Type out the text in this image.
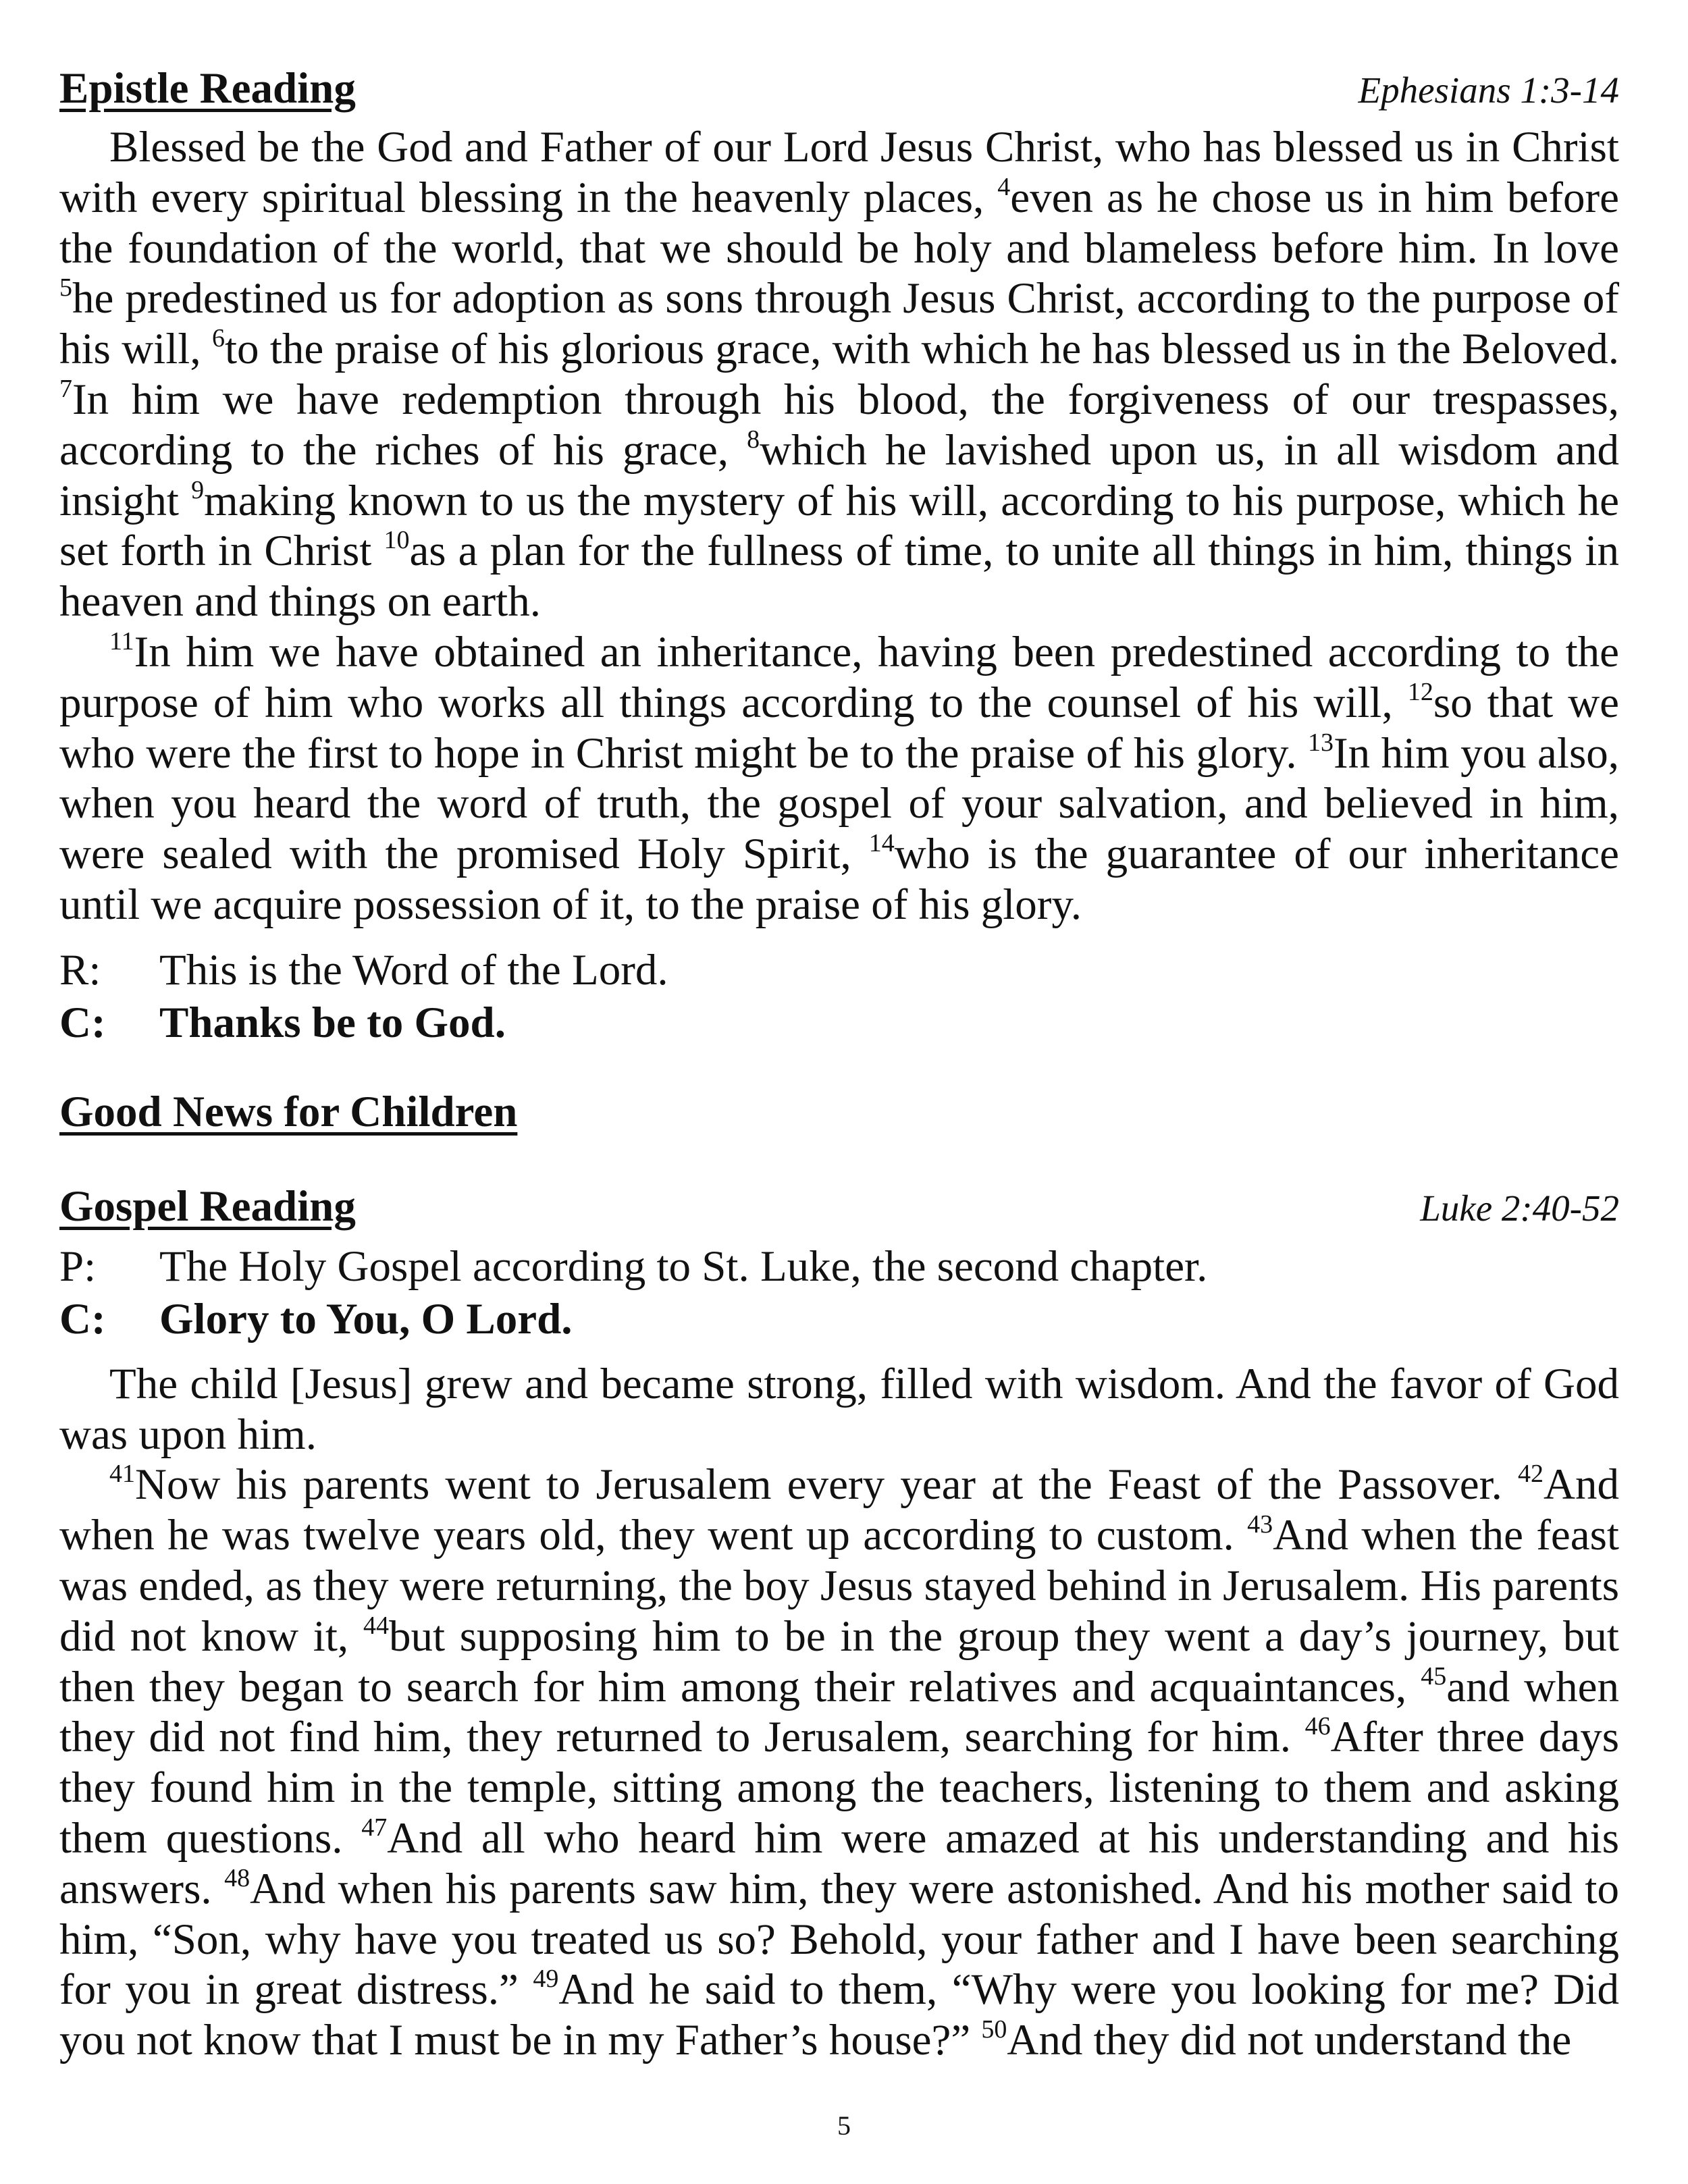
Epistle Reading	Ephesians 1:3-14

Blessed be the God and Father of our Lord Jesus Christ, who has blessed us in Christ with every spiritual blessing in the heavenly places, $^4$even as he chose us in him before the foundation of the world, that we should be holy and blameless before him. In love $^5$he predestined us for adoption as sons through Jesus Christ, according to the purpose of his will, $^6$to the praise of his glorious grace, with which he has blessed us in the Beloved. $^7$In him we have redemption through his blood, the forgiveness of our trespasses, according to the riches of his grace, $^8$which he lavished upon us, in all wisdom and insight $^9$making known to us the mystery of his will, according to his purpose, which he set forth in Christ $^{10}$as a plan for the fullness of time, to unite all things in him, things in heaven and things on earth.

$^{11}$In him we have obtained an inheritance, having been predestined according to the purpose of him who works all things according to the counsel of his will, $^{12}$so that we who were the first to hope in Christ might be to the praise of his glory. $^{13}$In him you also, when you heard the word of truth, the gospel of your salvation, and believed in him, were sealed with the promised Holy Spirit, $^{14}$who is the guarantee of our inheritance until we acquire possession of it, to the praise of his glory.

R:	This is the Word of the Lord.
C:	Thanks be to God.
Good News for Children
Gospel Reading	Luke 2:40-52
P:	The Holy Gospel according to St. Luke, the second chapter.
C:	Glory to You, O Lord.

The child [Jesus] grew and became strong, filled with wisdom. And the favor of God was upon him.

$^{41}$Now his parents went to Jerusalem every year at the Feast of the Passover. $^{42}$And when he was twelve years old, they went up according to custom. $^{43}$And when the feast was ended, as they were returning, the boy Jesus stayed behind in Jerusalem. His parents did not know it, $^{44}$but supposing him to be in the group they went a day’s journey, but then they began to search for him among their relatives and acquaintances, $^{45}$and when they did not find him, they returned to Jerusalem, searching for him. $^{46}$After three days they found him in the temple, sitting among the teachers, listening to them and asking them questions. $^{47}$And all who heard him were amazed at his understanding and his answers. $^{48}$And when his parents saw him, they were astonished. And his mother said to him, “Son, why have you treated us so? Behold, your father and I have been searching for you in great distress.” $^{49}$And he said to them, “Why were you looking for me? Did you not know that I must be in my Father’s house?” $^{50}$And they did not understand the

5
